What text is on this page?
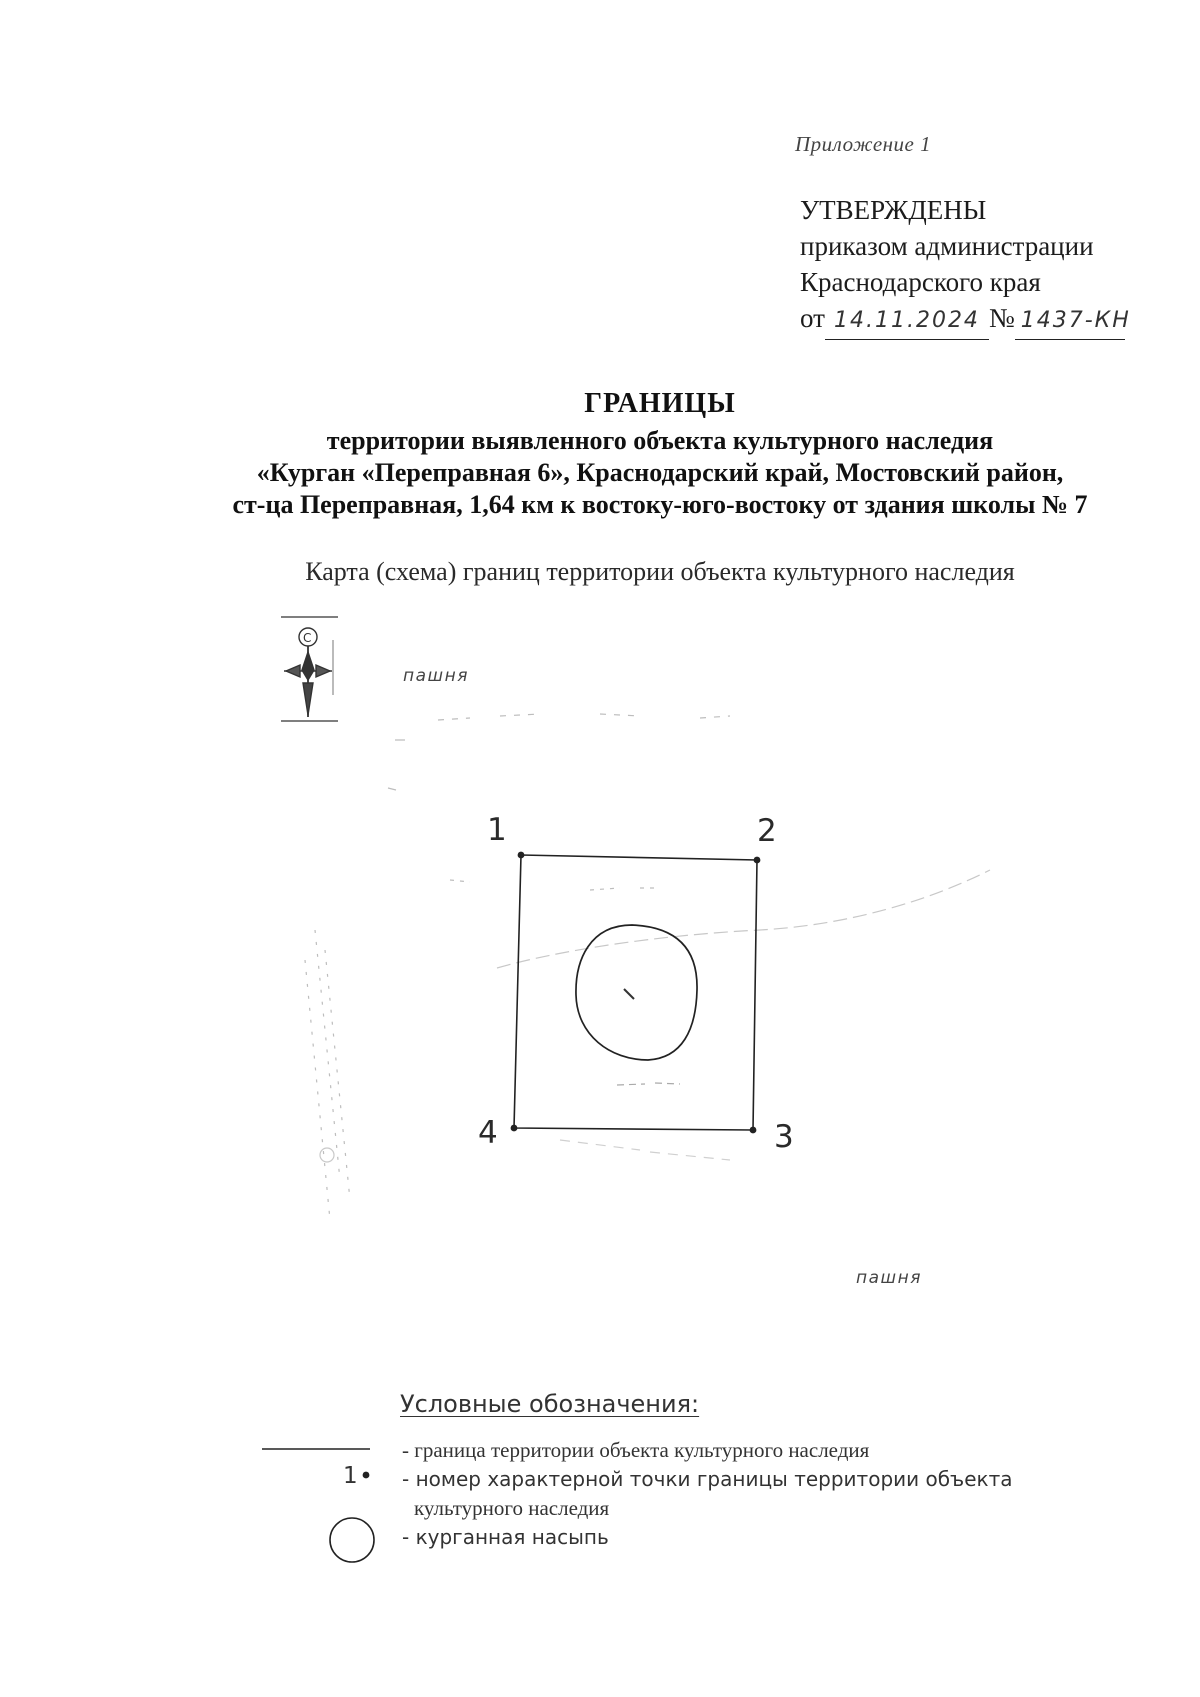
Приложение 1
УТВЕРЖДЕНЫ
приказом администрации
Краснодарского края
от 14.11.2024 № 1437-КН
ГРАНИЦЫ
территории выявленного объекта культурного наследия
«Курган «Переправная 6», Краснодарский край, Мостовский район,
ст-ца Переправная, 1,64 км к востоку-юго-востоку от здания школы № 7
Карта (схема) границ территории объекта культурного наследия
C
пашня
пашня
1	2
3
4
1
Условные обозначения:
- граница территории объекта культурного наследия
- номер характерной точки границы территории объекта
культурного наследия
- курганная насыпь
